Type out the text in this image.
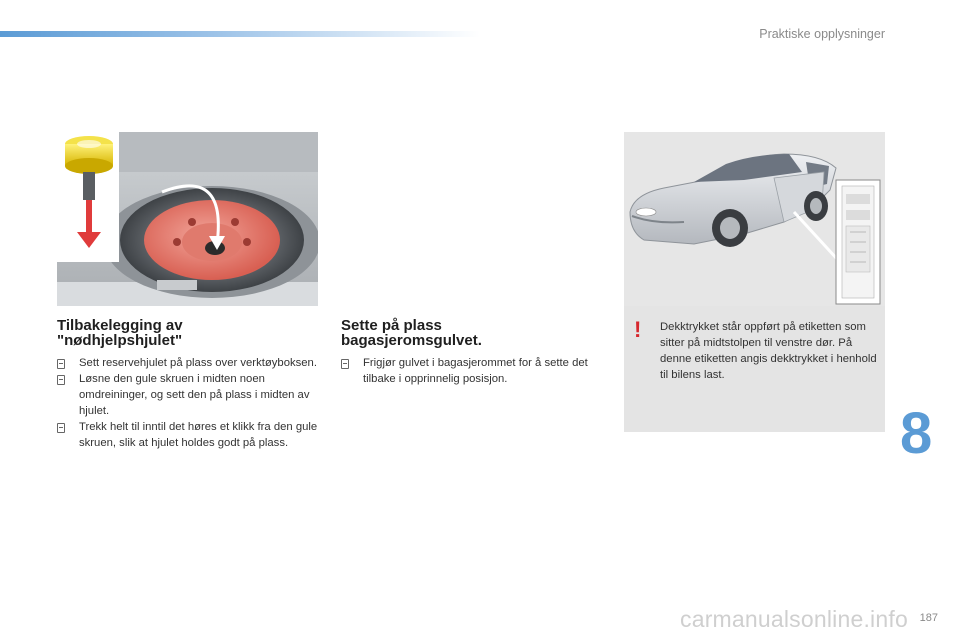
Praktiske opplysninger
Tilbakelegging av
"nødhjelpshjulet"
Sett reservehjulet på plass over verktøyboksen.
Løsne den gule skruen i midten noen omdreininger, og sett den på plass i midten av hjulet.
Trekk helt til inntil det høres et klikk fra den gule skruen, slik at hjulet holdes godt på plass.
Sette på plass
bagasjeromsgulvet.
Frigjør gulvet i bagasjerommet for å sette det tilbake i opprinnelig posisjon.
! Dekktrykket står oppført på etiketten som sitter på midtstolpen til venstre dør. På denne etiketten angis dekktrykket i henhold til bilens last.
8
carmanualsonline.info 187
